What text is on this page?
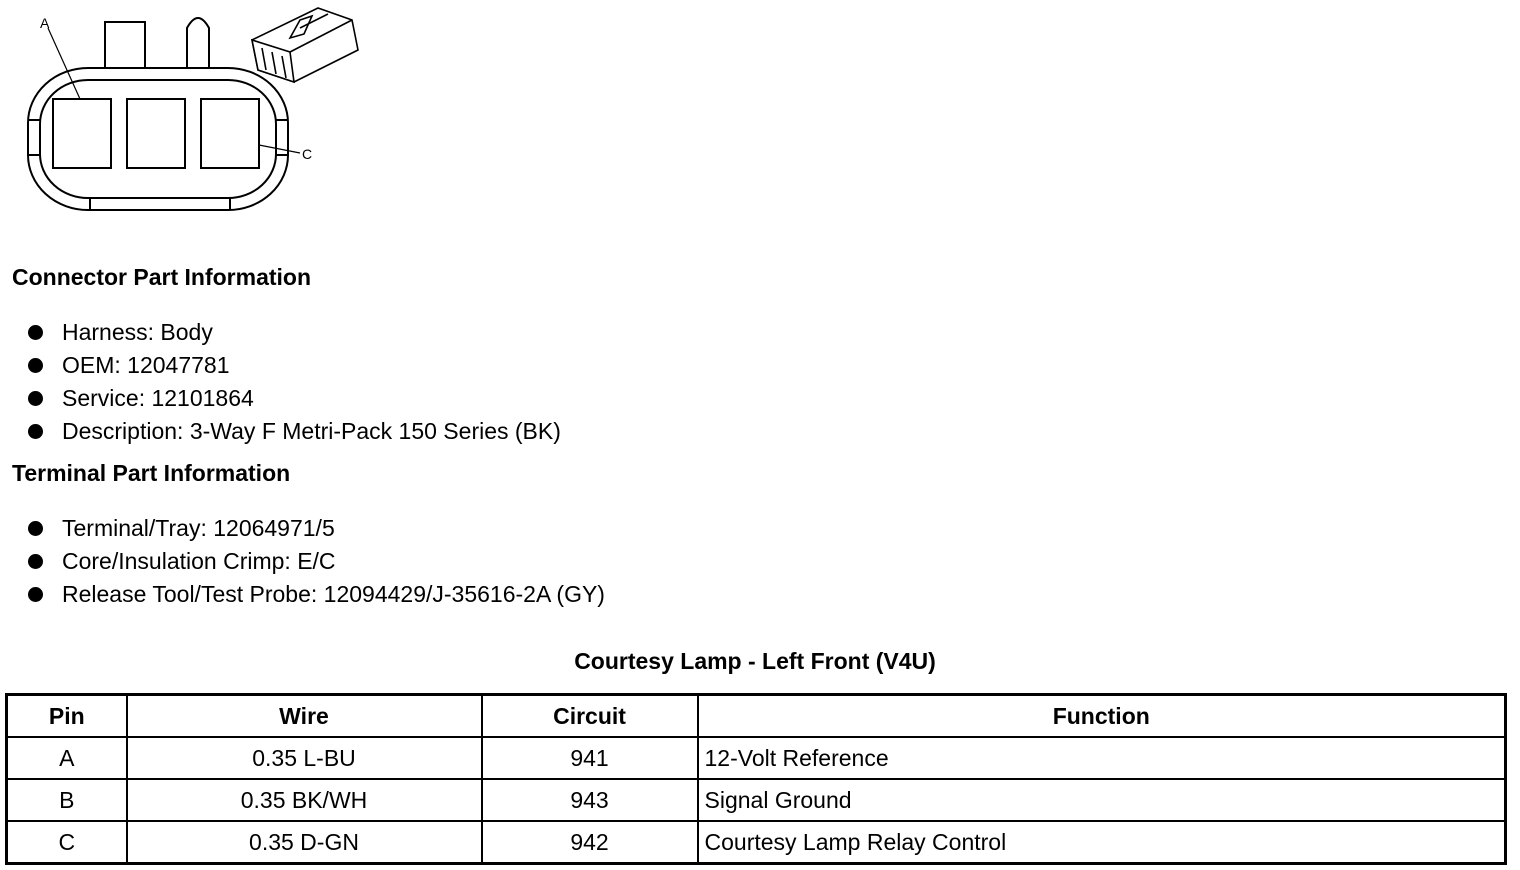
A
C
Connector Part Information
Harness: Body
OEM: 12047781
Service: 12101864
Description: 3-Way F Metri-Pack 150 Series (BK)
Terminal Part Information
Terminal/Tray: 12064971/5
Core/Insulation Crimp: E/C
Release Tool/Test Probe: 12094429/J-35616-2A (GY)
Courtesy Lamp - Left Front (V4U)
Pin	Wire	Circuit	Function
A	0.35 L-BU	941	12-Volt Reference
B	0.35 BK/WH	943	Signal Ground
C	0.35 D-GN	942	Courtesy Lamp Relay Control
